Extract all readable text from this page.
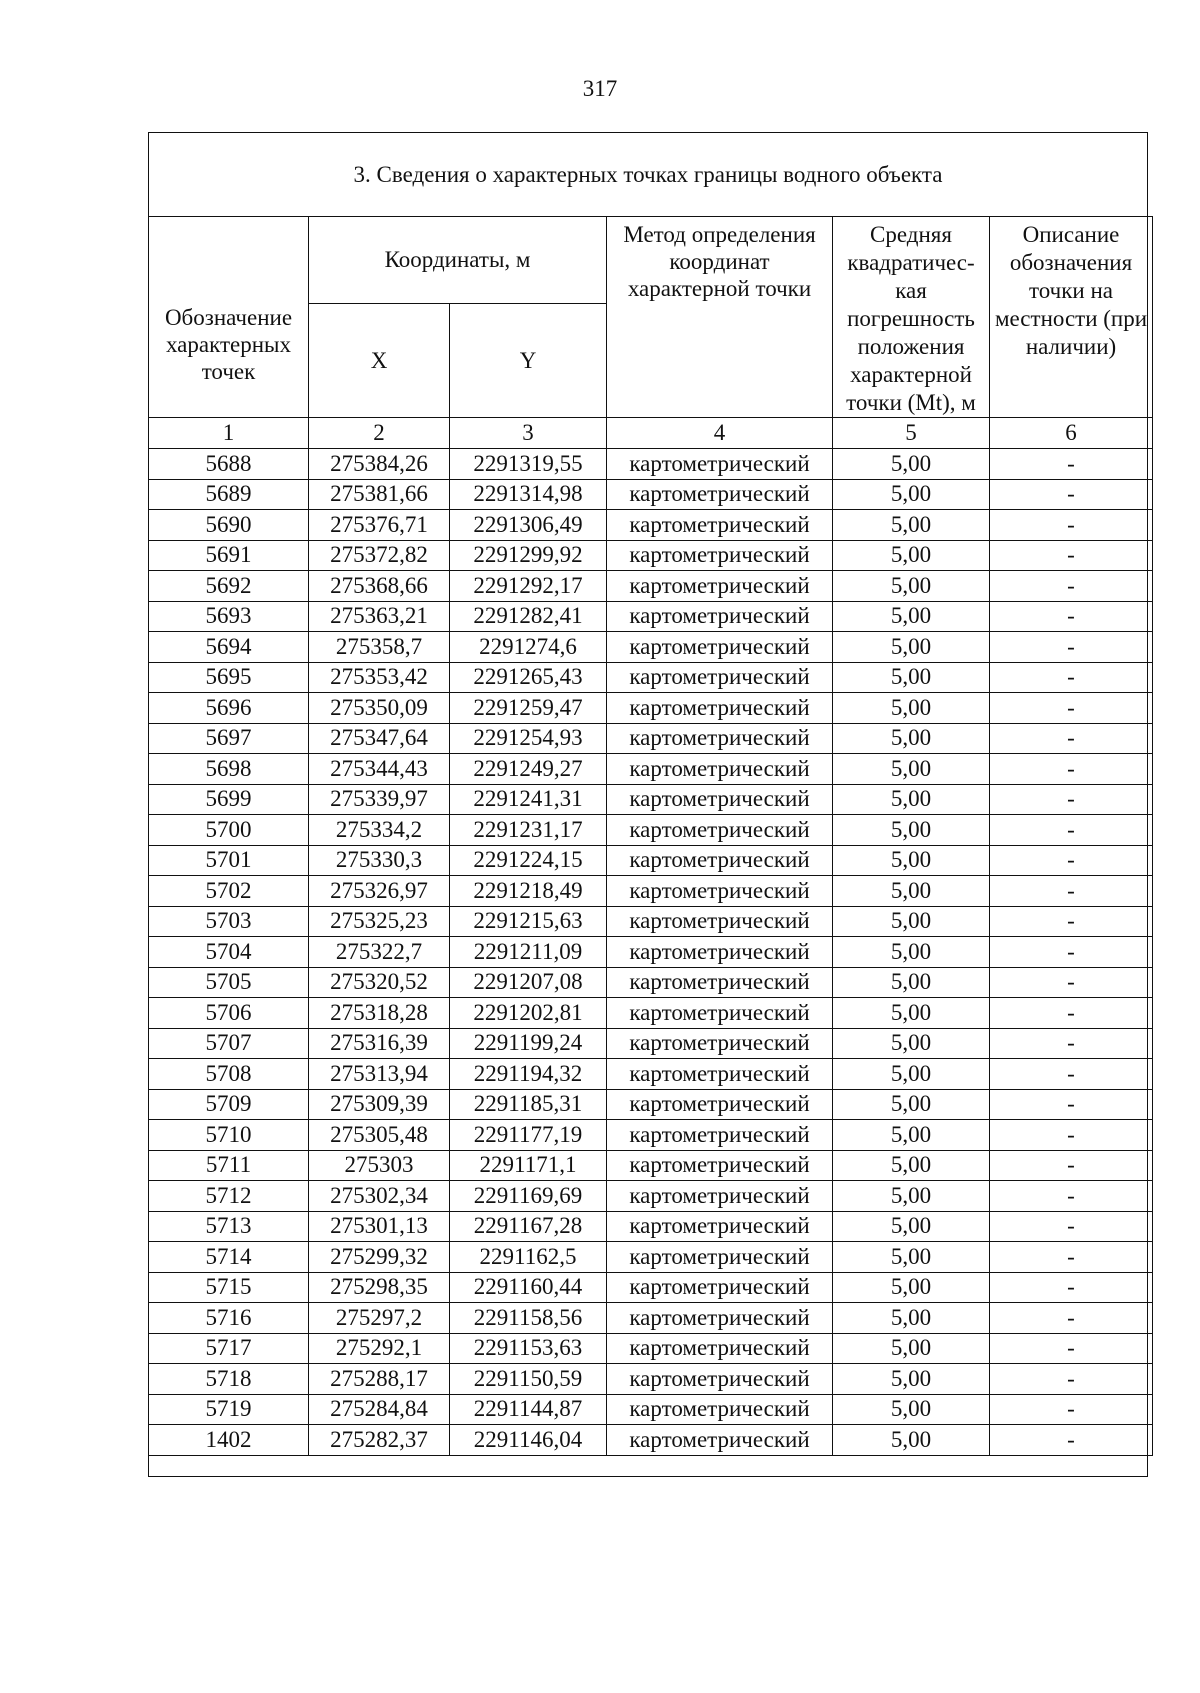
317
3. Сведения о характерных точках границы водного объекта
Обозначение характерных точек	Координаты, м		Метод определения координат характерной точки	Средняя квадратичес-кая погрешность положения характерной точки (Mt), м	Описание обозначения точки на местности (при наличии)
	X	Y			
1	2	3	4	5	6
5688	275384,26	2291319,55	картометрический	5,00	-
5689	275381,66	2291314,98	картометрический	5,00	-
5690	275376,71	2291306,49	картометрический	5,00	-
5691	275372,82	2291299,92	картометрический	5,00	-
5692	275368,66	2291292,17	картометрический	5,00	-
5693	275363,21	2291282,41	картометрический	5,00	-
5694	275358,7	2291274,6	картометрический	5,00	-
5695	275353,42	2291265,43	картометрический	5,00	-
5696	275350,09	2291259,47	картометрический	5,00	-
5697	275347,64	2291254,93	картометрический	5,00	-
5698	275344,43	2291249,27	картометрический	5,00	-
5699	275339,97	2291241,31	картометрический	5,00	-
5700	275334,2	2291231,17	картометрический	5,00	-
5701	275330,3	2291224,15	картометрический	5,00	-
5702	275326,97	2291218,49	картометрический	5,00	-
5703	275325,23	2291215,63	картометрический	5,00	-
5704	275322,7	2291211,09	картометрический	5,00	-
5705	275320,52	2291207,08	картометрический	5,00	-
5706	275318,28	2291202,81	картометрический	5,00	-
5707	275316,39	2291199,24	картометрический	5,00	-
5708	275313,94	2291194,32	картометрический	5,00	-
5709	275309,39	2291185,31	картометрический	5,00	-
5710	275305,48	2291177,19	картометрический	5,00	-
5711	275303	2291171,1	картометрический	5,00	-
5712	275302,34	2291169,69	картометрический	5,00	-
5713	275301,13	2291167,28	картометрический	5,00	-
5714	275299,32	2291162,5	картометрический	5,00	-
5715	275298,35	2291160,44	картометрический	5,00	-
5716	275297,2	2291158,56	картометрический	5,00	-
5717	275292,1	2291153,63	картометрический	5,00	-
5718	275288,17	2291150,59	картометрический	5,00	-
5719	275284,84	2291144,87	картометрический	5,00	-
1402	275282,37	2291146,04	картометрический	5,00	-
